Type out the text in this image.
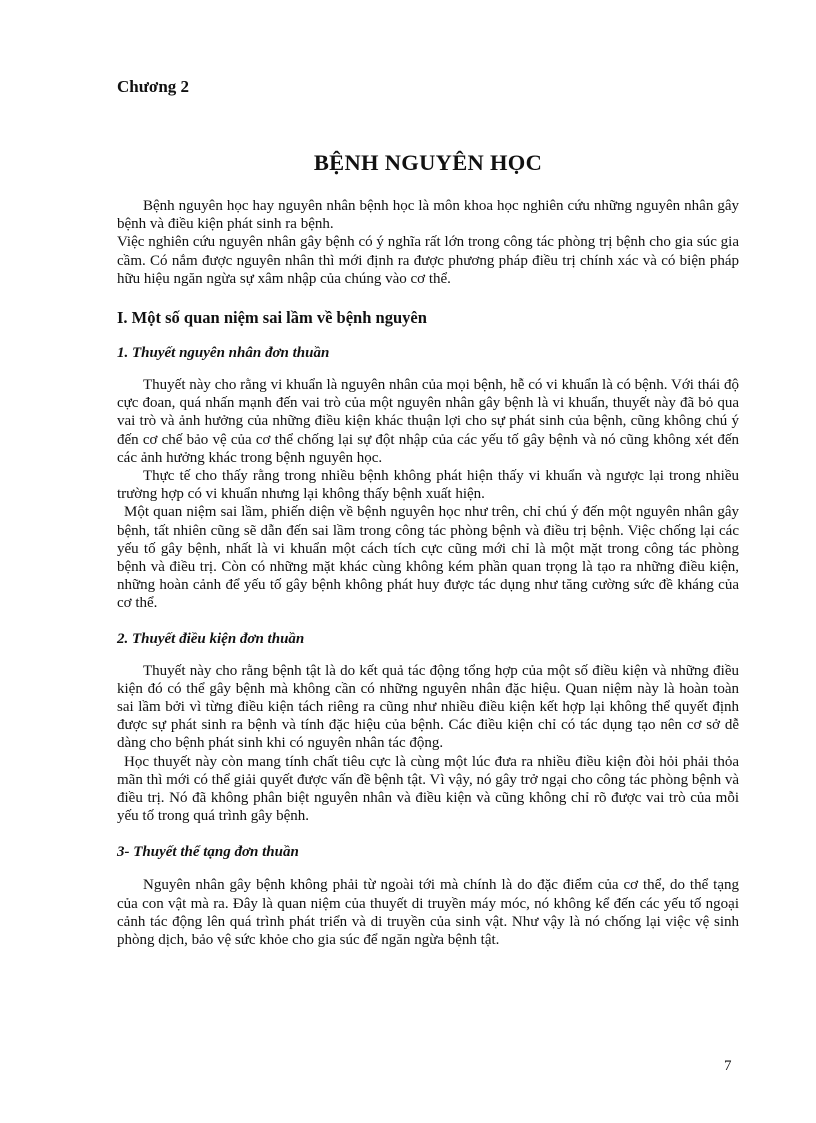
Chương 2
BỆNH NGUYÊN HỌC

Bệnh nguyên học hay nguyên nhân bệnh học là môn khoa học nghiên cứu những nguyên nhân gây bệnh và điều kiện phát sinh ra bệnh.

Việc nghiên cứu nguyên nhân gây bệnh có ý nghĩa rất lớn trong công tác phòng trị bệnh cho gia súc gia cầm. Có nắm được nguyên nhân thì mới định ra được phương pháp điều trị chính xác và có biện pháp hữu hiệu ngăn ngừa sự xâm nhập của chúng vào cơ thể.

I. Một số quan niệm sai lầm về bệnh nguyên
1. Thuyết nguyên nhân đơn thuần

Thuyết này cho rằng vi khuẩn là nguyên nhân của mọi bệnh, hễ có vi khuẩn là có bệnh. Với thái độ cực đoan, quá nhấn mạnh đến vai trò của một nguyên nhân gây bệnh là vi khuẩn, thuyết này đã bỏ qua vai trò và ảnh hưởng của những điều kiện khác thuận lợi cho sự phát sinh của bệnh, cũng không chú ý đến cơ chế bảo vệ của cơ thể chống lại sự đột nhập của các yếu tố gây bệnh và nó cũng không xét đến các ảnh hưởng khác trong bệnh nguyên học.

Thực tế cho thấy rằng trong nhiều bệnh không phát hiện thấy vi khuẩn và ngược lại trong nhiều trường hợp có vi khuẩn nhưng lại không thấy bệnh xuất hiện.

Một quan niệm sai lầm, phiến diện về bệnh nguyên học như trên, chỉ chú ý đến một nguyên nhân gây bệnh, tất nhiên cũng sẽ dẫn đến sai lầm trong công tác phòng bệnh và điều trị bệnh. Việc chống lại các yếu tố gây bệnh, nhất là vi khuẩn một cách tích cực cũng mới chỉ là một mặt trong công tác phòng bệnh và điều trị. Còn có những mặt khác cùng không kém phần quan trọng là tạo ra những điều kiện, những hoàn cảnh để yếu tố gây bệnh không phát huy được tác dụng như tăng cường sức đề kháng của cơ thể.

2. Thuyết điều kiện đơn thuần

Thuyết này cho rằng bệnh tật là do kết quả tác động tổng hợp của một số điều kiện và những điều kiện đó có thể gây bệnh mà không cần có những nguyên nhân đặc hiệu. Quan niệm này là hoàn toàn sai lầm bởi vì từng điều kiện tách riêng ra cũng như nhiều điều kiện kết hợp lại không thể quyết định được sự phát sinh ra bệnh và tính đặc hiệu của bệnh. Các điều kiện chỉ có tác dụng tạo nên cơ sở dễ dàng cho bệnh phát sinh khi có nguyên nhân tác động.

Học thuyết này còn mang tính chất tiêu cực là cùng một lúc đưa ra nhiều điều kiện đòi hỏi phải thỏa mãn thì mới có thể giải quyết được vấn đề bệnh tật. Vì vậy, nó gây trở ngại cho công tác phòng bệnh và điều trị. Nó đã không phân biệt nguyên nhân và điều kiện và cũng không chỉ rõ được vai trò của mỗi yếu tố trong quá trình gây bệnh.

3- Thuyết thể tạng đơn thuần

Nguyên nhân gây bệnh không phải từ ngoài tới mà chính là do đặc điểm của cơ thể, do thể tạng của con vật mà ra. Đây là quan niệm của thuyết di truyền máy móc, nó không kể đến các yếu tố ngoại cảnh tác động lên quá trình phát triển và di truyền của sinh vật. Như vậy là nó chống lại việc vệ sinh phòng dịch, bảo vệ sức khỏe cho gia súc để ngăn ngừa bệnh tật.

7
